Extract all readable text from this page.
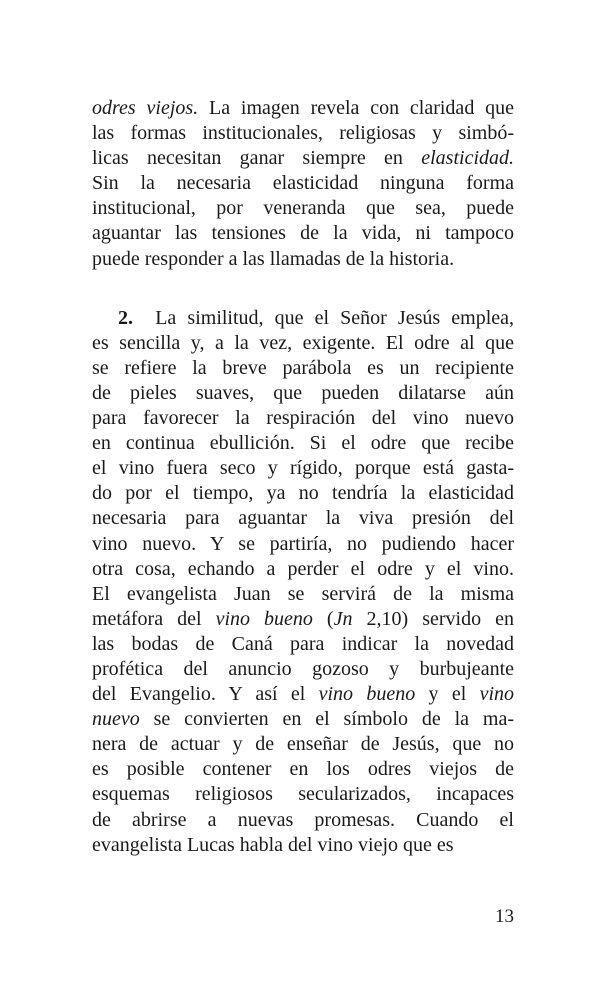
odres viejos. La imagen revela con claridad que
las formas institucionales, religiosas y simbó-
licas necesitan ganar siempre en elasticidad.
Sin la necesaria elasticidad ninguna forma
institucional, por veneranda que sea, puede
aguantar las tensiones de la vida, ni tampoco
puede responder a las llamadas de la historia.
2. La similitud, que el Señor Jesús emplea,
es sencilla y, a la vez, exigente. El odre al que
se refiere la breve parábola es un recipiente
de pieles suaves, que pueden dilatarse aún
para favorecer la respiración del vino nuevo
en continua ebullición. Si el odre que recibe
el vino fuera seco y rígido, porque está gasta-
do por el tiempo, ya no tendría la elasticidad
necesaria para aguantar la viva presión del
vino nuevo. Y se partiría, no pudiendo hacer
otra cosa, echando a perder el odre y el vino.
El evangelista Juan se servirá de la misma
metáfora del vino bueno (Jn 2,10) servido en
las bodas de Caná para indicar la novedad
profética del anuncio gozoso y burbujeante
del Evangelio. Y así el vino bueno y el vino
nuevo se convierten en el símbolo de la ma-
nera de actuar y de enseñar de Jesús, que no
es posible contener en los odres viejos de
esquemas religiosos secularizados, incapaces
de abrirse a nuevas promesas. Cuando el
evangelista Lucas habla del vino viejo que es
13
